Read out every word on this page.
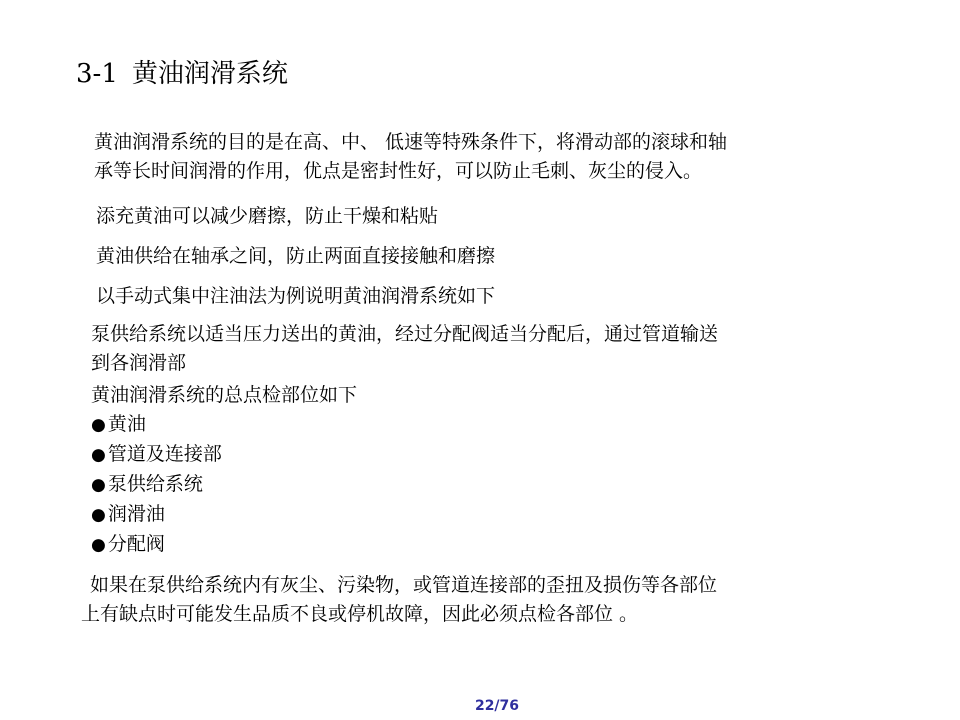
3-1 黄油润滑系统
黄油润滑系统的目的是在高、中、 低速等特殊条件下，将滑动部的滚球和轴
承等长时间润滑的作用，优点是密封性好，可以防止毛刺、灰尘的侵入。
添充黄油可以减少磨擦，防止干燥和粘贴
黄油供给在轴承之间，防止两面直接接触和磨擦
以手动式集中注油法为例说明黄油润滑系统如下
泵供给系统以适当压力送出的黄油，经过分配阀适当分配后，通过管道输送
到各润滑部
黄油润滑系统的总点检部位如下
● 黄油
● 管道及连接部
● 泵供给系统
● 润滑油
● 分配阀
如果在泵供给系统内有灰尘、污染物，或管道连接部的歪扭及损伤等各部位
上有缺点时可能发生品质不良或停机故障，因此必须点检各部位 。
22/76
